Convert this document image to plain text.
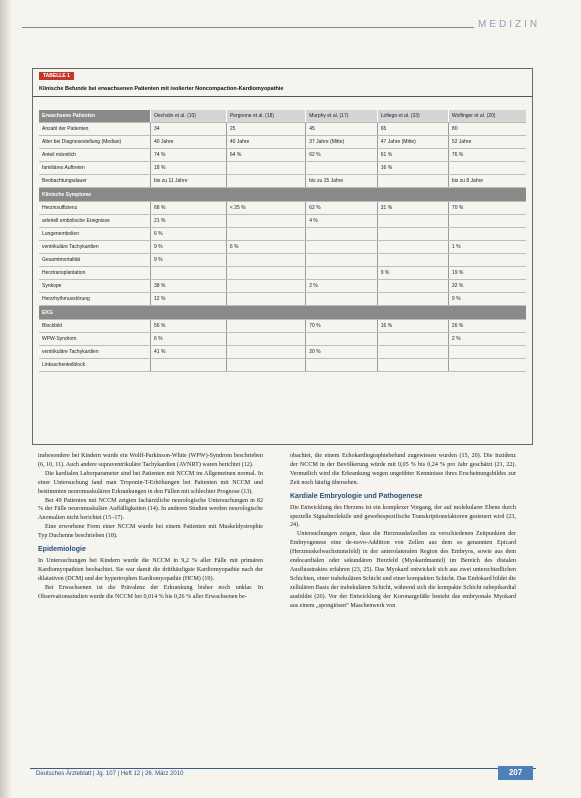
MEDIZIN
TABELLE 1
Klinische Befunde bei erwachsenen Patienten mit isolierter Noncompaction-Kardiomyopathie
Erwachsene Patienten	Oechslin et al. (10)	Pergnone et al. (18)	Murphy et al. (17)	Lofiego et al. (33)	Wolfinger et al. (20)
Anzahl der Patienten	34	25	45	65	80
Alter bei Diagnosestellung (Median)	40 Jahre	40 Jahre	37 Jahre (Mitte)	47 Jahre (Mitte)	52 Jahre
Anteil männlich	74 %	64 %	62 %	61 %	76 %
familiäres Auftreten	18 %			16 %	
Beobachtungsdauer	bis zu 11 Jahre		bis zu 15 Jahre		bis zu 8 Jahre
Klinische Symptome					
Herzinsuffizienz	68 %	< 25 %	62 %	31 %	70 %
arteriell embolische Ereignisse	21 %		4 %		
Lungenembolien	6 %				
ventrikuläre Tachykardien	9 %	6 %			1 %
Gesamtmortalität	9 %				
Herztransplantation				9 %	19 %
Synkope	38 %		2 %		32 %
Herzrhythmusstörung	12 %				9 %
EKG					
Blockbild	56 %		70 %	16 %	26 %
WPW-Syndrom	6 %				2 %
ventrikuläre Tachykardien	41 %		20 %		
Linksschenkelblock					

insbesondere bei Kindern wurde ein Wolff-Parkinson-White (WPW)-Syndrom beschrieben (6, 10, 11). Auch andere supraventrikuläre Tachykardien (AVNRT) waren berichtet (12).

Die kardialen Laborparameter sind bei Patienten mit NCCM im Allgemeinen normal. In einer Untersuchung fand man Troponin-T-Erhöhungen bei Patienten mit NCCM und bestimmten neuromuskulären Erkrankungen in den Fällen mit schlechter Prognose (13).

Bei 49 Patienten mit NCCM zeigten fachärztliche neurologische Untersuchungen in 82 % der Fälle neuromuskuläre Auffälligkeiten (14). In anderen Studien werden neurologische Anomalien nicht berichtet (15–17).

Eine erworbene Form einer NCCM wurde bei einem Patienten mit Muskeldystrophie Typ Duchenne beschrieben (18).

Epidemiologie

In Untersuchungen bei Kindern wurde die NCCM in 9,2 % aller Fälle mit primären Kardiomyopathien beobachtet. Sie war damit die dritthäufigste Kardiomyopathie nach der dilatativen (DCM) und der hypertrophen Kardiomyopathie (HCM) (19).

Bei Erwachsenen ist die Prävalenz der Erkrankung bisher noch unklar. In Observationsstudien wurde die NCCM bei 0,014 % bis 0,26 % aller Erwachsenen be-

obachtet, die einem Echokardiographiebefund zugewiesen wurden (15, 20). Die Inzidenz der NCCM in der Bevölkerung würde mit 0,05 % bis 0,24 % pro Jahr geschätzt (21, 22). Vermutlich wird die Erkrankung wegen ungeübter Kenntnisse ihres Erscheinungsbildes zur Zeit noch häufig übersehen.

Kardiale Embryologie und Pathogenese

Die Entwicklung des Herzens ist ein komplexer Vorgang, der auf molekularer Ebene durch spezielle Signalmoleküle und gewebespezifische Transkriptionsfaktoren gesteuert wird (23, 24).

Untersuchungen zeigen, dass die Herzmuskelzellen zu verschiedenen Zeitpunkten der Embryogenese eine de-novo-Addition von Zellen aus dem so genannten Epicard (Herzmuskelwachstumsfeld) in der anterolateralen Region des Embryos, sowie aus dem endocardialen oder sekundären Herzfeld (Myokardmantel) im Bereich des distalen Ausflusstraktes erfahren (23, 25). Das Myokard entwickelt sich aus zwei unterschiedlichen Schichten, einer trabekulären Schicht und einer kompakten Schicht. Das Endokard bildet die zellulären Basis der trabekulären Schicht, während sich die kompakte Schicht subepikardial ausbildet (26). Vor der Entwicklung der Koronargefäße besteht das embryonale Myokard aus einem „spongiösen“ Maschenwerk von

Deutsches Ärzteblatt | Jg. 107 | Heft 12 | 26. März 2010	207
